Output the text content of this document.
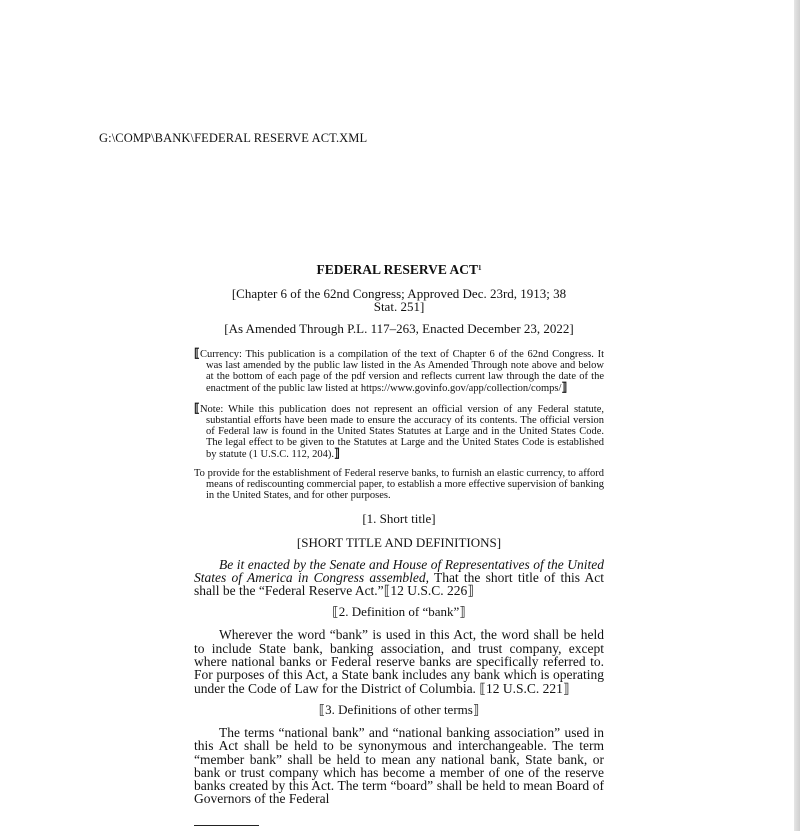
G:\COMP\BANK\FEDERAL RESERVE ACT.XML
FEDERAL RESERVE ACT$^1$
[Chapter 6 of the 62nd Congress; Approved Dec. 23rd, 1913; 38
Stat. 251]
[As Amended Through P.L. 117–263, Enacted December 23, 2022]
⟦Currency: This publication is a compilation of the text of Chapter 6 of the 62nd Congress. It was last amended by the public law listed in the As Amended Through note above and below at the bottom of each page of the pdf version and reflects current law through the date of the enactment of the public law listed at https://www.govinfo.gov/app/collection/comps/⟧
⟦Note: While this publication does not represent an official version of any Federal statute, substantial efforts have been made to ensure the accuracy of its contents. The official version of Federal law is found in the United States Statutes at Large and in the United States Code. The legal effect to be given to the Statutes at Large and the United States Code is established by statute (1 U.S.C. 112, 204).⟧
To provide for the establishment of Federal reserve banks, to furnish an elastic currency, to afford means of rediscounting commercial paper, to establish a more effective supervision of banking in the United States, and for other purposes.
[1. Short title]
[SHORT TITLE AND DEFINITIONS]

Be it enacted by the Senate and House of Representatives of the United States of America in Congress assembled, That the short title of this Act shall be the “Federal Reserve Act.”⟦12 U.S.C. 226⟧

⟦2. Definition of “bank”⟧

Wherever the word “bank” is used in this Act, the word shall be held to include State bank, banking association, and trust company, except where national banks or Federal reserve banks are specifically referred to. For purposes of this Act, a State bank includes any bank which is operating under the Code of Law for the District of Columbia. ⟦12 U.S.C. 221⟧

⟦3. Definitions of other terms⟧

The terms “national bank” and “national banking association” used in this Act shall be held to be synonymous and interchangeable. The term “member bank” shall be held to mean any national bank, State bank, or bank or trust company which has become a member of one of the reserve banks created by this Act. The term “board” shall be held to mean Board of Governors of the Federal
